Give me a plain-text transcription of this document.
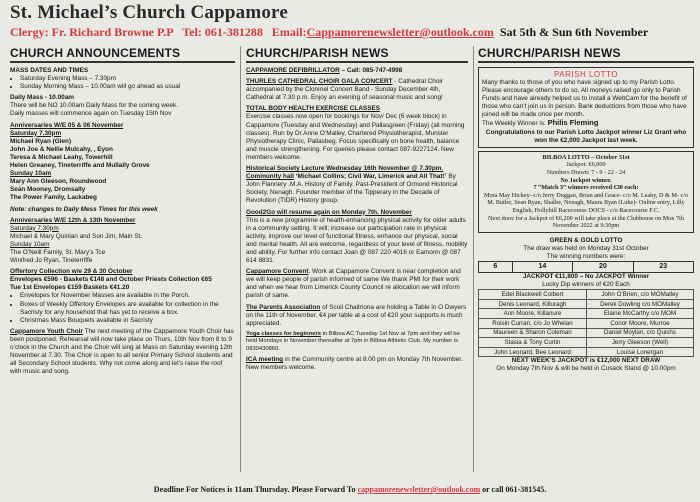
St. Michael’s Church Cappamore
Clergy: Fr. Richard Browne P.P Tel: 061-381288 Email:Cappamorenewsletter@outlook.com Sat 5th & Sun 6th November
CHURCH ANNOUNCEMENTS
MASS DATES AND TIMES
• Saturday Evening Mass – 7.30pm
• Sunday Morning Mass – 10.00am will go ahead as usual
Daily Mass - 10.00am
There will be NO 10.00am Daily Mass for the coming week.
Daily masses will commence again on Tuesday 15th Nov
Anniversaries W/E 05 & 06 November
Saturday 7.30pm
Michael Ryan (Glen)
John Joe & Nellie Mulcahy, , Eyon
Teresa & Michael Leahy, Towerhill
Helen Greaney, Tineterriffe and Mullally Grove
Sunday 10am
Mary Ann Gleeson, Roundwood
Seán Mooney, Dromsally
The Power Family, Lackabeg
Note: changes to Daily Mess Times for this week
Anniversaries W/E 12th & 13th November
Saturday 7.30pm
Michael & Mary Quinlan and Son Jim, Main St.
Sunday 10am
The O’Neill Family, St. Mary’s Tce
Winifred Jo Ryan, Tineterriffe
Offertory Collection w/e 29 & 30 October
Envelopes €596 - Baskets €148 and October Priests Collection €65
Tue 1st Envelopes €159 Baskets €41.20
• Envelopes for November Masses are available in the Porch.
• Boxes of Weekly Offertory Envelopes are available for collection in the Sacristy for any household that has yet to receive a box.
• Christmas Mass Bouquets available in Sacristy
Cappamore Youth Choir The next meeting of the Cappamore Youth Choir has been postponed. Rehearsal will now take place on Thurs, 10th Nov from 8 to 9 o’clock in the Church and the Choir will sing at Mass on Saturday evening 12th November at 7.30. The Choir is open to all senior Primary School students and all Secondary School students. Why not come along and let’s raise the roof with music and song.
CHURCH/PARISH NEWS
CAPPAMORE DEFIBRILLATOR – Call: 085-747-4998
THURLES CATHEDRAL CHOIR GALA CONCERT - Cathedral Choir accompanied by the Clonmel Concert Band - Sunday December 4th, Cathedral at 7.30 p.m. Enjoy an evening of seasonal music and song!
TOTAL BODY HEALTH EXERCISE CLASSES
Exercise classes now open for bookings for Nov/ Dec (6 week block) in Cappamore (Tuesday and Wednesday) and Pallasgreen (Friday) (all morning classes). Run by Dr Anne O’Malley, Chartered Physiotherapist, Munster Physiotherapy Clinic, Pallasbeg. Focus specifically on bone health, balance and muscle strengthening. For queries please contact 087-9227124. New members welcome.
Historical Society Lecture Wednesday 16th November @ 7.30pm. Community hall ‘Michael Collins; Civil War, Limerick and All That!’ By John Flannery .M.A. History of Family. Past-President of Ormond Historical Society, Nenagh. Founder member of the Tipperary in the Decade of Revolution (TIDR) History group.
Good2Go will resume again on Monday 7th. November
This is a new programme of health-enhancing physical activity for older adults in a community setting. It will; increase our participation rate in physical activity, improve our level of functional fitness, enhance our physical, social and mental health. All are welcome, regardless of your level of fitness, mobility and ability. For further info contact Joan @ 087 220 4016 or Eamonn @ 087 614 8831.
Cappamore Convent. Work at Cappamore Convent is near completion and we will keep people of parish informed of same We thank PMI for their work and when we hear from Limerick County Council re allocation we will inform parish of same.
The Parents Association of Scoil Chaitriona are holding a Table in O Dwyers on the 11th of November. €4 per table at a cost of €20 your supports is much appreciated.
Yoga classes for beginners in Bilboa AC Tuesday 1st Nov at 7pm and they will be held Mondays in November thereafter at 7pm in Bilboa Athletic Club. My number is 0830430860.
ICA meeting in the Community centre at 8.00 pm on Monday 7th November. New members welcome.
CHURCH/PARISH NEWS
PARISH LOTTO
Many thanks to those of you who have signed up to my Parish Lotto. Please encourage others to do so. All moneys raised go only to Parish Funds and have already helped us to install a WebCam for the benefit of those who can’t join us in person. Bank deductions from those who have joined will be made once per month.
The Weekly Winner is: Philis Fleming
Congratulations to our Parish Lotto Jackpot winner Liz Grant who won the €2,000 Jackpot last week.
BILBOA LOTTO – October 31st
Jackpot: €6,000
Numbers Drawn: 7 - 9 - 22 - 24
No Jackpot winner.
7 “Match 3” winners received €30 each:
Mora May Hickey- c/o Jerry Duggan, Brian and Grace- c/o M. Leahy, D & M- c/o M. Butler, Sean Ryan, Shaller, Nenagh, Maura Ryan (Luke)- Online entry, Lilly English, Hollyhill Racecourse DOCS - c/o Racecourse F.C.
Next draw for a Jackpot of €6,200 will take place at the Clubhouse on Mon 7th November 2022 at 9:30pm
GREEN & GOLD LOTTO
The draw was held on Monday 31st October
The winning numbers were:
6	14	20	23
JACKPOT €11,800 – No JACKPOT Winner
Lucky Dip winners of €20 Each
Edel Blackwell Colbert	John O’Brien, c/o MOMalley
Denis Leonard, Killuragh	Derek Dowling c/o MOMalley
Ann Moore, Killanure	Elaine McCarthy c/o MOM
Roisin Curran, c/o Jo Whelan	Conor Moore, Murroe
Maureen & Sharon Coleman	Daniel Moylan, c/o Quishs
Stasia & Tony Curtin	Jerry Gleeson (Well)
John Leonard, Bee Leonard	Louise Lonergan
NEXT WEEK’S JACKPOT is €12,000 NEXT DRAW
On Monday 7th Nov & will be held in Cusack Stand @ 10.00pm
Deadline For Notices is 11am Thursday. Please Forward To cappamorenewsletter@outlook.com or call 061-381545.
